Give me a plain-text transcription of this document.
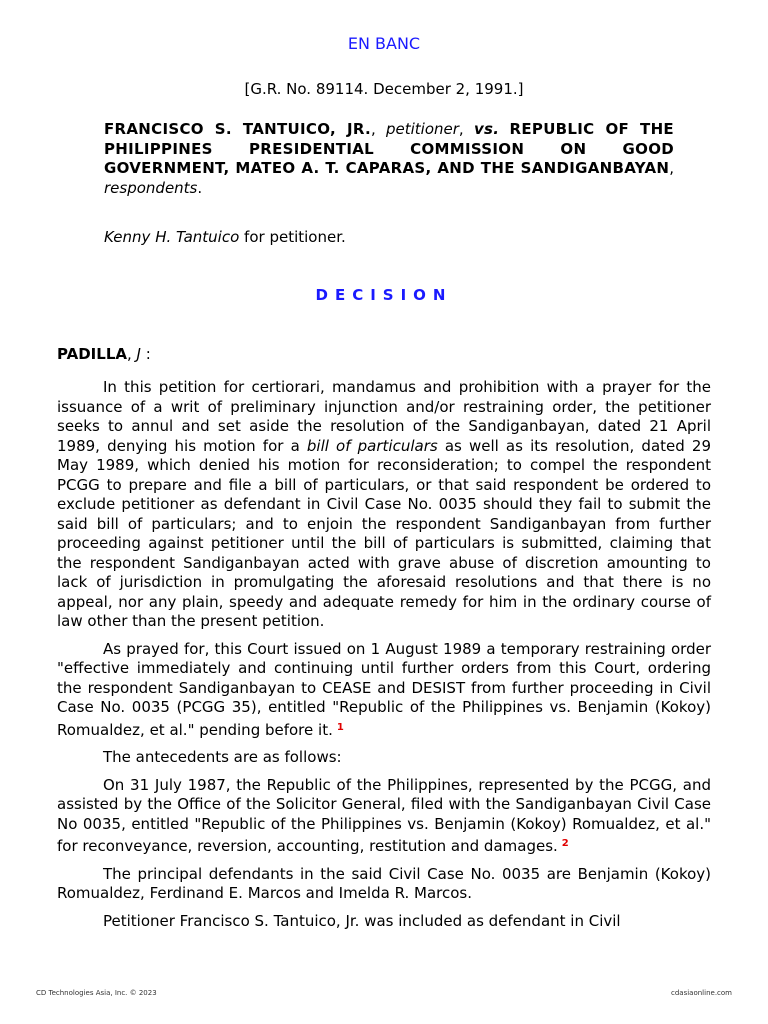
EN BANC
[G.R. No. 89114. December 2, 1991.]
FRANCISCO S. TANTUICO, JR., petitioner, vs. REPUBLIC OF THE PHILIPPINES PRESIDENTIAL COMMISSION ON GOOD GOVERNMENT, MATEO A. T. CAPARAS, AND THE SANDIGANBAYAN, respondents.
Kenny H. Tantuico for petitioner.
DECISION
PADILLA, J :

In this petition for certiorari, mandamus and prohibition with a prayer for the issuance of a writ of preliminary injunction and/or restraining order, the petitioner seeks to annul and set aside the resolution of the Sandiganbayan, dated 21 April 1989, denying his motion for a bill of particulars as well as its resolution, dated 29 May 1989, which denied his motion for reconsideration; to compel the respondent PCGG to prepare and file a bill of particulars, or that said respondent be ordered to exclude petitioner as defendant in Civil Case No. 0035 should they fail to submit the said bill of particulars; and to enjoin the respondent Sandiganbayan from further proceeding against petitioner until the bill of particulars is submitted, claiming that the respondent Sandiganbayan acted with grave abuse of discretion amounting to lack of jurisdiction in promulgating the aforesaid resolutions and that there is no appeal, nor any plain, speedy and adequate remedy for him in the ordinary course of law other than the present petition.

As prayed for, this Court issued on 1 August 1989 a temporary restraining order "effective immediately and continuing until further orders from this Court, ordering the respondent Sandiganbayan to CEASE and DESIST from further proceeding in Civil Case No. 0035 (PCGG 35), entitled "Republic of the Philippines vs. Benjamin (Kokoy) Romualdez, et al." pending before it. $^1$

The antecedents are as follows:

On 31 July 1987, the Republic of the Philippines, represented by the PCGG, and assisted by the Office of the Solicitor General, filed with the Sandiganbayan Civil Case No 0035, entitled "Republic of the Philippines vs. Benjamin (Kokoy) Romualdez, et al." for reconveyance, reversion, accounting, restitution and damages. $^2$

The principal defendants in the said Civil Case No. 0035 are Benjamin (Kokoy) Romualdez, Ferdinand E. Marcos and Imelda R. Marcos.

Petitioner Francisco S. Tantuico, Jr. was included as defendant in Civil

CD Technologies Asia, Inc. © 2023	cdasiaonline.com
